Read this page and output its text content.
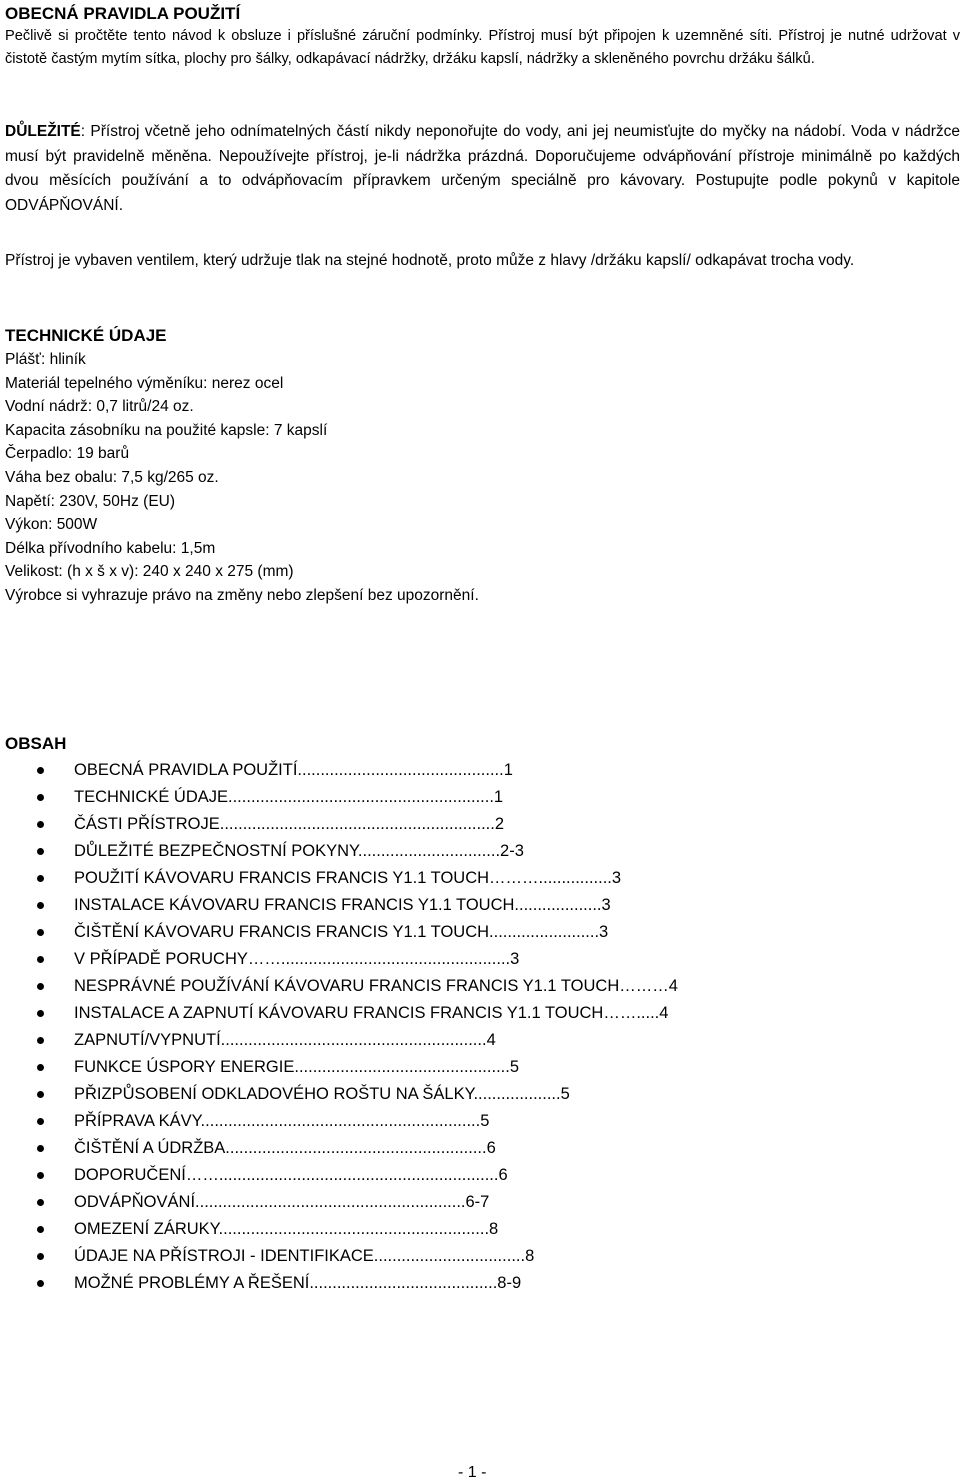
OBECNÁ PRAVIDLA POUŽITÍ
Pečlivě si pročtěte tento návod k obsluze i příslušné záruční podmínky. Přístroj musí být připojen k uzemněné síti. Přístroj je nutné udržovat v čistotě častým mytím sítka, plochy pro šálky, odkapávací nádržky, držáku kapslí, nádržky a skleněného povrchu držáku šálků.
DŮLEŽITÉ: Přístroj včetně jeho odnímatelných částí nikdy neponořujte do vody, ani jej neumisťujte do myčky na nádobí. Voda v nádržce musí být pravidelně měněna. Nepoužívejte přístroj, je-li nádržka prázdná. Doporučujeme odvápňování přístroje minimálně po každých dvou měsících používání a to odvápňovacím přípravkem určeným speciálně pro kávovary. Postupujte podle pokynů v kapitole ODVÁPŇOVÁNÍ.
Přístroj je vybaven ventilem, který udržuje tlak na stejné hodnotě, proto může z hlavy /držáku kapslí/ odkapávat trocha vody.
TECHNICKÉ ÚDAJE
Plášť: hliník
Materiál tepelného výměníku: nerez ocel
Vodní nádrž: 0,7 litrů/24 oz.
Kapacita zásobníku na použité kapsle: 7 kapslí
Čerpadlo: 19 barů
Váha bez obalu: 7,5 kg/265 oz.
Napětí: 230V, 50Hz (EU)
Výkon: 500W
Délka přívodního kabelu: 1,5m
Velikost: (h x š x v): 240 x 240 x 275 (mm)
Výrobce si vyhrazuje právo na změny nebo zlepšení bez upozornění.
OBSAH
OBECNÁ PRAVIDLA POUŽITÍ.............................................1
TECHNICKÉ ÚDAJE..........................................................1
ČÁSTI PŘÍSTROJE............................................................2
DŮLEŽITÉ BEZPEČNOSTNÍ POKYNY...............................2-3
POUŽITÍ KÁVOVARU FRANCIS FRANCIS Y1.1 TOUCH………................3
INSTALACE KÁVOVARU FRANCIS FRANCIS Y1.1 TOUCH...................3
ČIŠTĚNÍ KÁVOVARU FRANCIS FRANCIS Y1.1 TOUCH........................3
V PŘÍPADĚ PORUCHY……..................................................3
NESPRÁVNÉ POUŽÍVÁNÍ KÁVOVARU FRANCIS FRANCIS Y1.1 TOUCH………4
INSTALACE A ZAPNUTÍ KÁVOVARU FRANCIS FRANCIS Y1.1 TOUCH…….....4
ZAPNUTÍ/VYPNUTÍ..........................................................4
FUNKCE ÚSPORY ENERGIE...............................................5
PŘIZPŮSOBENÍ ODKLADOVÉHO ROŠTU NA ŠÁLKY...................5
PŘÍPRAVA KÁVY.............................................................5
ČIŠTĚNÍ A ÚDRŽBA.........................................................6
DOPORUČENÍ…….............................................................6
ODVÁPŇOVÁNÍ...........................................................6-7
OMEZENÍ ZÁRUKY...........................................................8
ÚDAJE NA PŘÍSTROJI - IDENTIFIKACE.................................8
MOŽNÉ PROBLÉMY A ŘEŠENÍ.........................................8-9
- 1 -
